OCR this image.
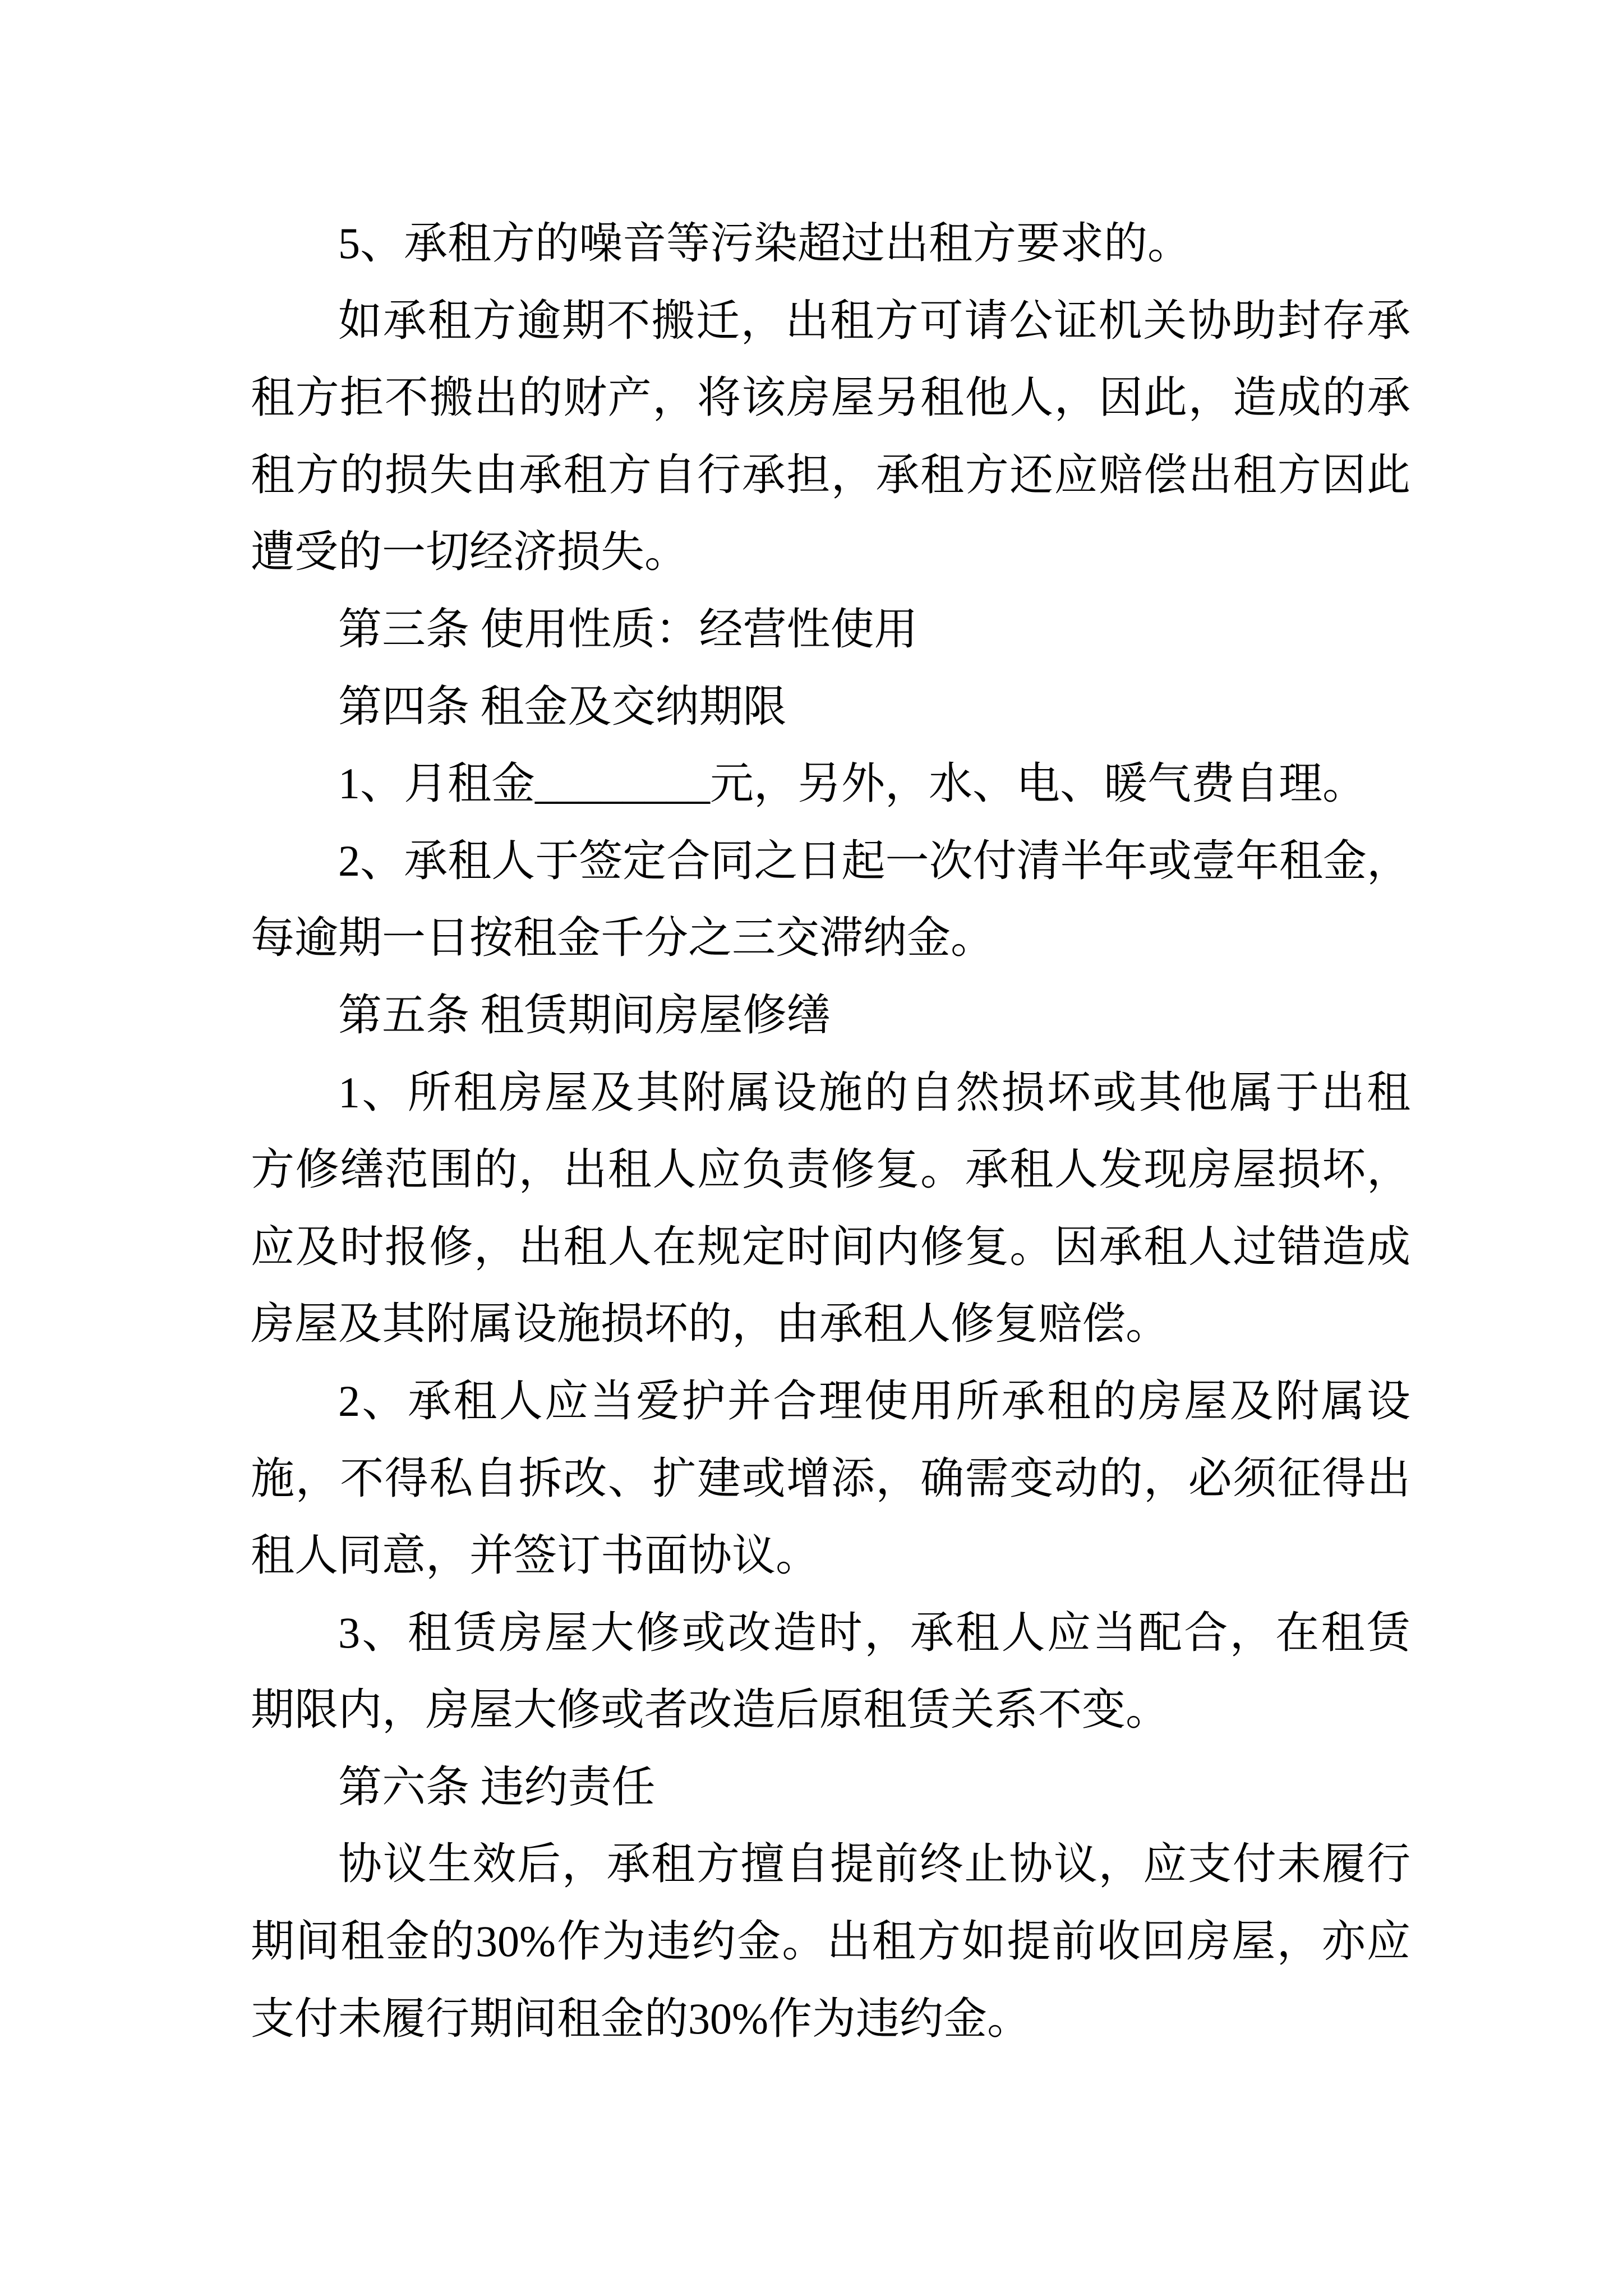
5、承租方的噪音等污染超过出租方要求的。
如承租方逾期不搬迁，出租方可请公证机关协助封存承
租方拒不搬出的财产，将该房屋另租他人，因此，造成的承
租方的损失由承租方自行承担，承租方还应赔偿出租方因此
遭受的一切经济损失。
第三条 使用性质：经营性使用
第四条 租金及交纳期限
1、月租金________元，另外，水、电、暖气费自理。
2、承租人于签定合同之日起一次付清半年或壹年租金，
每逾期一日按租金千分之三交滞纳金。
第五条 租赁期间房屋修缮
1、所租房屋及其附属设施的自然损坏或其他属于出租
方修缮范围的，出租人应负责修复。承租人发现房屋损坏，
应及时报修，出租人在规定时间内修复。因承租人过错造成
房屋及其附属设施损坏的，由承租人修复赔偿。
2、承租人应当爱护并合理使用所承租的房屋及附属设
施，不得私自拆改、扩建或增添，确需变动的，必须征得出
租人同意，并签订书面协议。
3、租赁房屋大修或改造时，承租人应当配合，在租赁
期限内，房屋大修或者改造后原租赁关系不变。
第六条 违约责任
协议生效后，承租方擅自提前终止协议，应支付未履行
期间租金的30%作为违约金。出租方如提前收回房屋，亦应
支付未履行期间租金的30%作为违约金。
